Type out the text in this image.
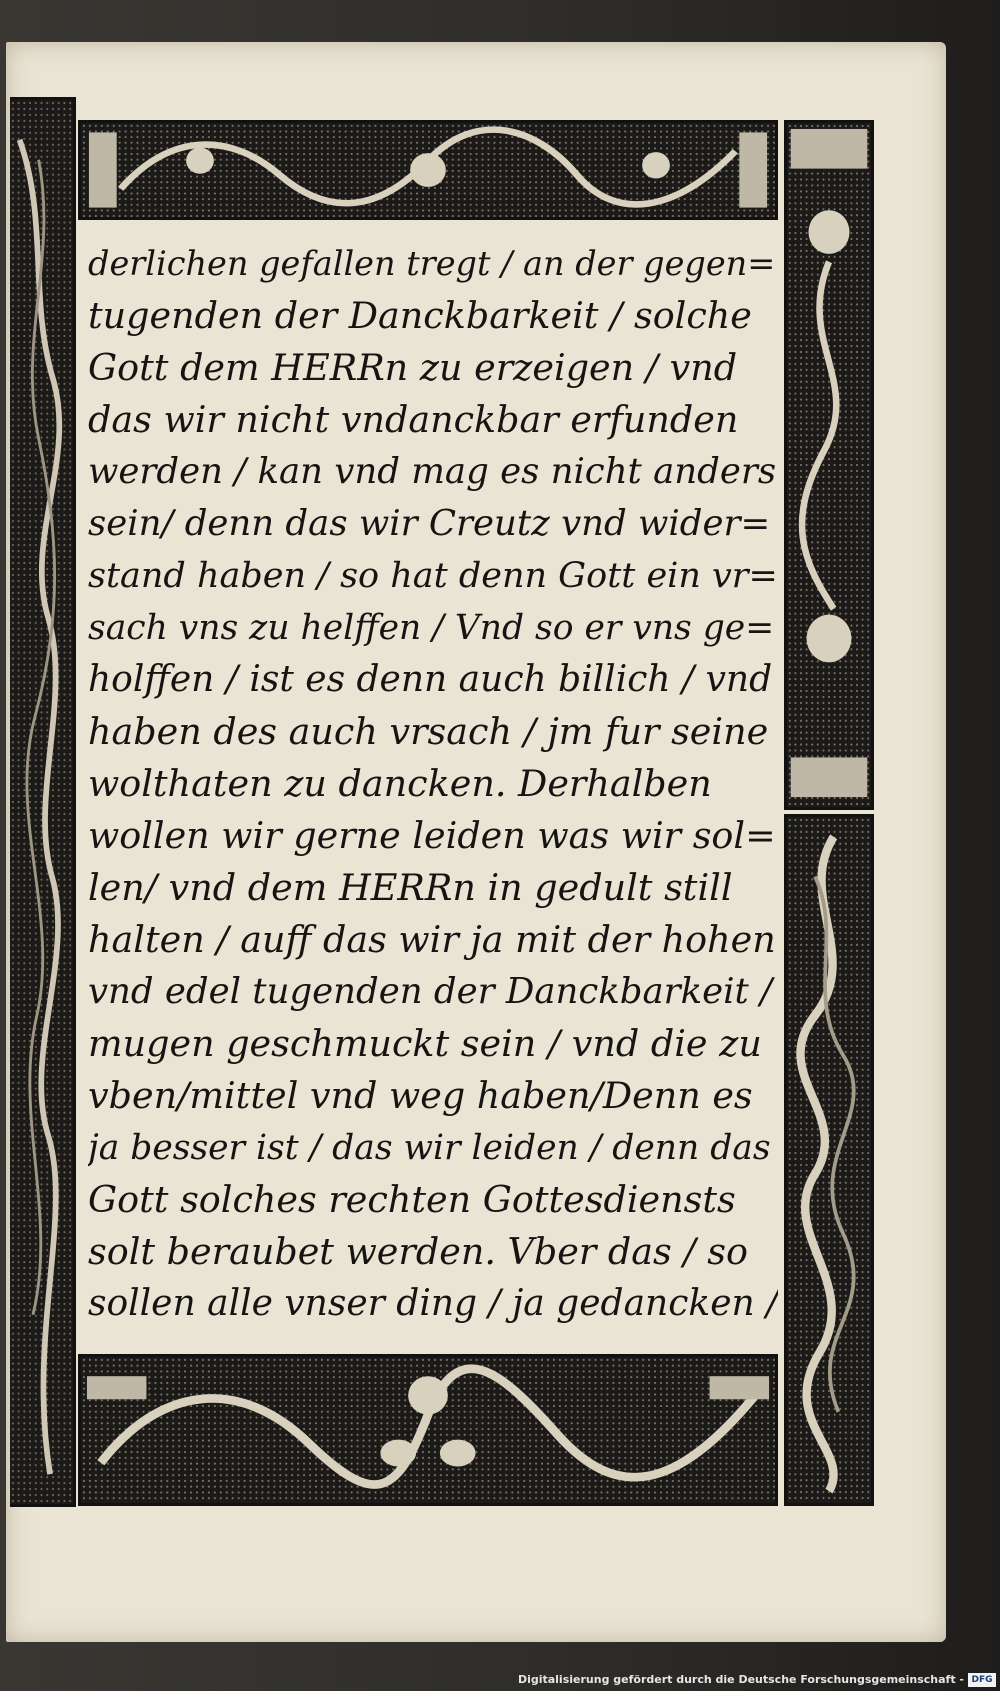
derlichen gefallen tregt / an der gegen=
tugenden der Danckbarkeit / solche
Gott dem HERRn zu erzeigen / vnd
das wir nicht vndanckbar erfunden
werden / kan vnd mag es nicht anders
sein/ denn das wir Creutz vnd wider=
stand haben / so hat denn Gott ein vr=
sach vns zu helffen / Vnd so er vns ge=
holffen / ist es denn auch billich / vnd
haben des auch vrsach / jm fur seine
wolthaten zu dancken. Derhalben
wollen wir gerne leiden was wir sol=
len/ vnd dem HERRn in gedult still
halten / auff das wir ja mit der hohen
vnd edel tugenden der Danckbarkeit /
mugen geschmuckt sein / vnd die zu
vben/mittel vnd weg haben/Denn es
ja besser ist / das wir leiden / denn das
Gott solches rechten Gottesdiensts
solt beraubet werden. Vber das / so
sollen alle vnser ding / ja gedancken /
Digitalisierung gefördert durch die Deutsche Forschungsgemeinschaft - DFG
